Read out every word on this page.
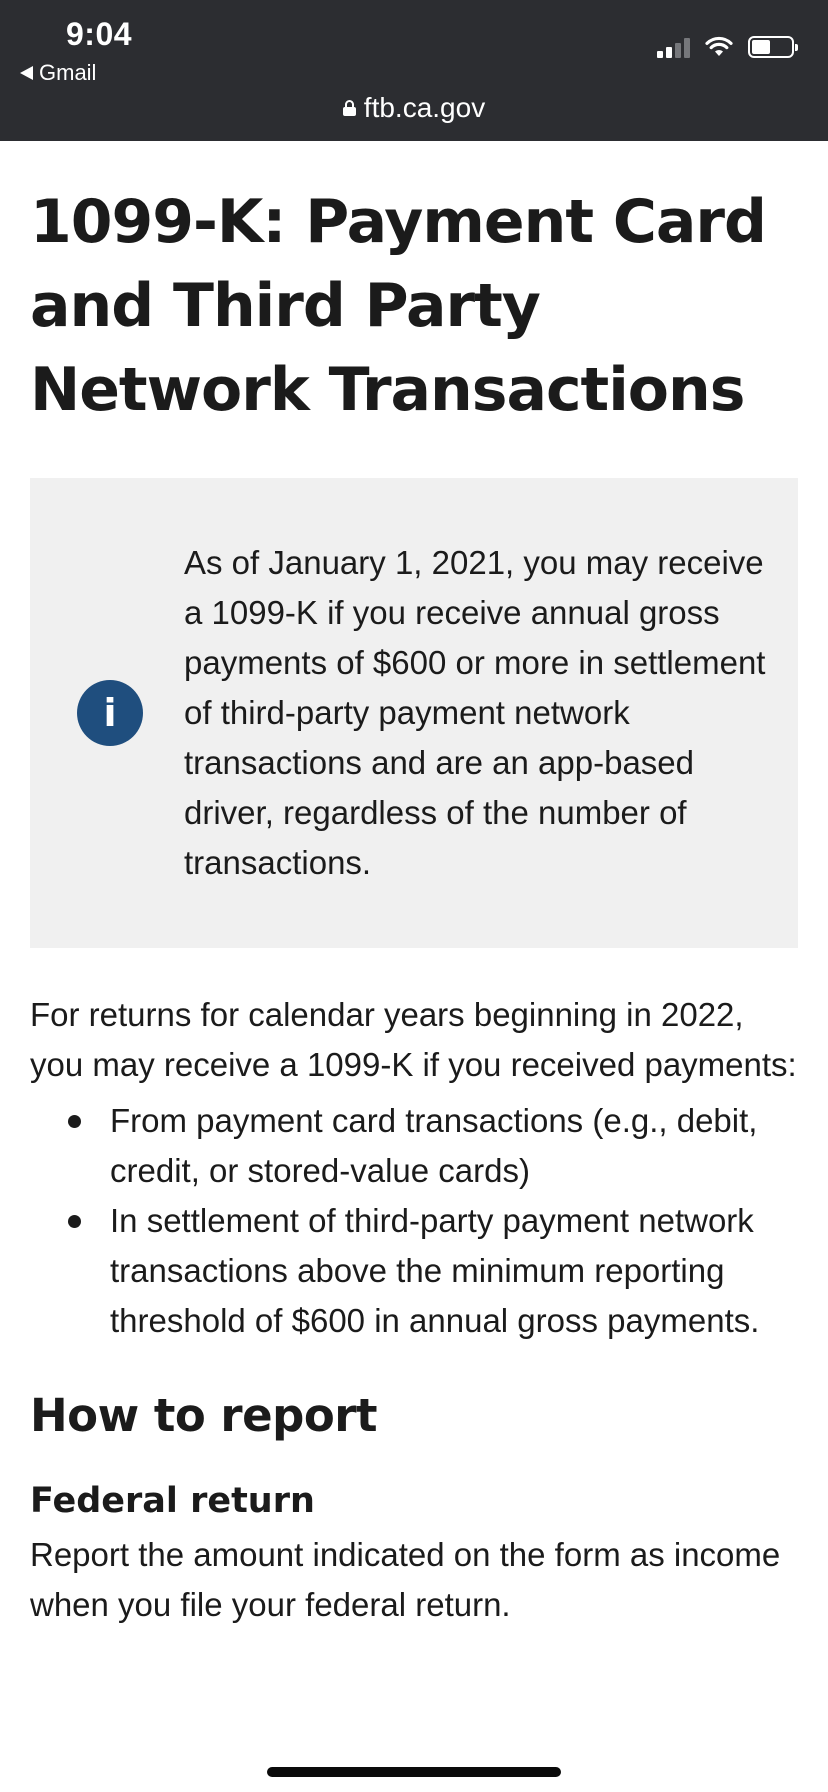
9:04
Gmail
ftb.ca.gov
1099-K: Payment Card and Third Party Network Transactions
i
As of January 1, 2021, you may receive a 1099-K if you receive annual gross payments of $600 or more in settlement of third-party payment network transactions and are an app-based driver, regardless of the number of transactions.

For returns for calendar years beginning in 2022, you may receive a 1099-K if you received payments:

From payment card transactions (e.g., debit, credit, or stored-value cards)
In settlement of third-party payment network transactions above the minimum reporting threshold of $600 in annual gross payments.
How to report
Federal return

Report the amount indicated on the form as income when you file your federal return.
